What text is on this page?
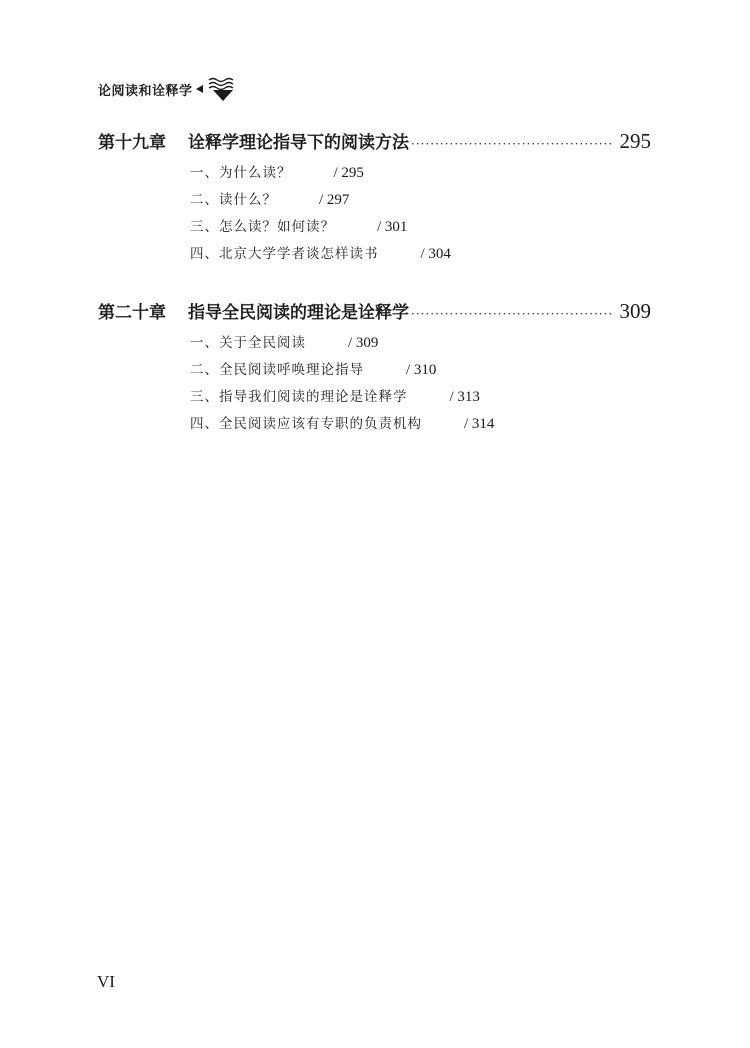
论阅读和诠释学
第十九章	诠释学理论指导下的阅读方法 ·····	295
一、为什么读？	/ 295
二、读什么？	/ 297
三、怎么读？如何读？	/ 301
四、北京大学学者谈怎样读书	/ 304
第二十章	指导全民阅读的理论是诠释学 ·····	309
一、关于全民阅读	/ 309
二、全民阅读呼唤理论指导	/ 310
三、指导我们阅读的理论是诠释学	/ 313
四、全民阅读应该有专职的负责机构	/ 314
VI
